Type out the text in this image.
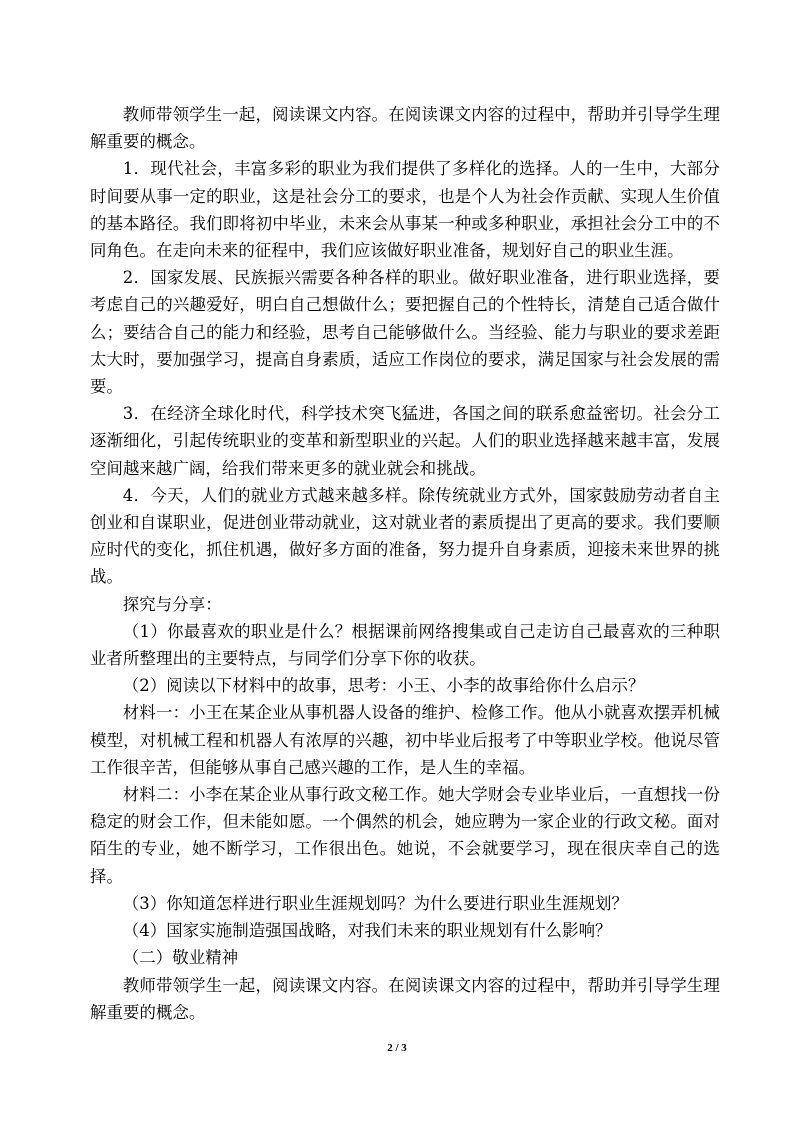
教师带领学生一起，阅读课文内容。在阅读课文内容的过程中，帮助并引导学生理解重要的概念。

1．现代社会，丰富多彩的职业为我们提供了多样化的选择。人的一生中，大部分时间要从事一定的职业，这是社会分工的要求，也是个人为社会作贡献、实现人生价值的基本路径。我们即将初中毕业，未来会从事某一种或多种职业，承担社会分工中的不同角色。在走向未来的征程中，我们应该做好职业准备，规划好自己的职业生涯。

2．国家发展、民族振兴需要各种各样的职业。做好职业准备，进行职业选择，要考虑自己的兴趣爱好，明白自己想做什么；要把握自己的个性特长，清楚自己适合做什么；要结合自己的能力和经验，思考自己能够做什么。当经验、能力与职业的要求差距太大时，要加强学习，提高自身素质，适应工作岗位的要求，满足国家与社会发展的需要。

3．在经济全球化时代，科学技术突飞猛进，各国之间的联系愈益密切。社会分工逐渐细化，引起传统职业的变革和新型职业的兴起。人们的职业选择越来越丰富，发展空间越来越广阔，给我们带来更多的就业就会和挑战。

4．今天，人们的就业方式越来越多样。除传统就业方式外，国家鼓励劳动者自主创业和自谋职业，促进创业带动就业，这对就业者的素质提出了更高的要求。我们要顺应时代的变化，抓住机遇，做好多方面的准备，努力提升自身素质，迎接未来世界的挑战。

探究与分享：

（1）你最喜欢的职业是什么？根据课前网络搜集或自己走访自己最喜欢的三种职业者所整理出的主要特点，与同学们分享下你的收获。

（2）阅读以下材料中的故事，思考：小王、小李的故事给你什么启示？

材料一：小王在某企业从事机器人设备的维护、检修工作。他从小就喜欢摆弄机械模型，对机械工程和机器人有浓厚的兴趣，初中毕业后报考了中等职业学校。他说尽管工作很辛苦，但能够从事自己感兴趣的工作，是人生的幸福。

材料二：小李在某企业从事行政文秘工作。她大学财会专业毕业后，一直想找一份稳定的财会工作，但未能如愿。一个偶然的机会，她应聘为一家企业的行政文秘。面对陌生的专业，她不断学习，工作很出色。她说，不会就要学习，现在很庆幸自己的选择。

（3）你知道怎样进行职业生涯规划吗？为什么要进行职业生涯规划？

（4）国家实施制造强国战略，对我们未来的职业规划有什么影响？

（二）敬业精神

教师带领学生一起，阅读课文内容。在阅读课文内容的过程中，帮助并引导学生理解重要的概念。

2 / 3
